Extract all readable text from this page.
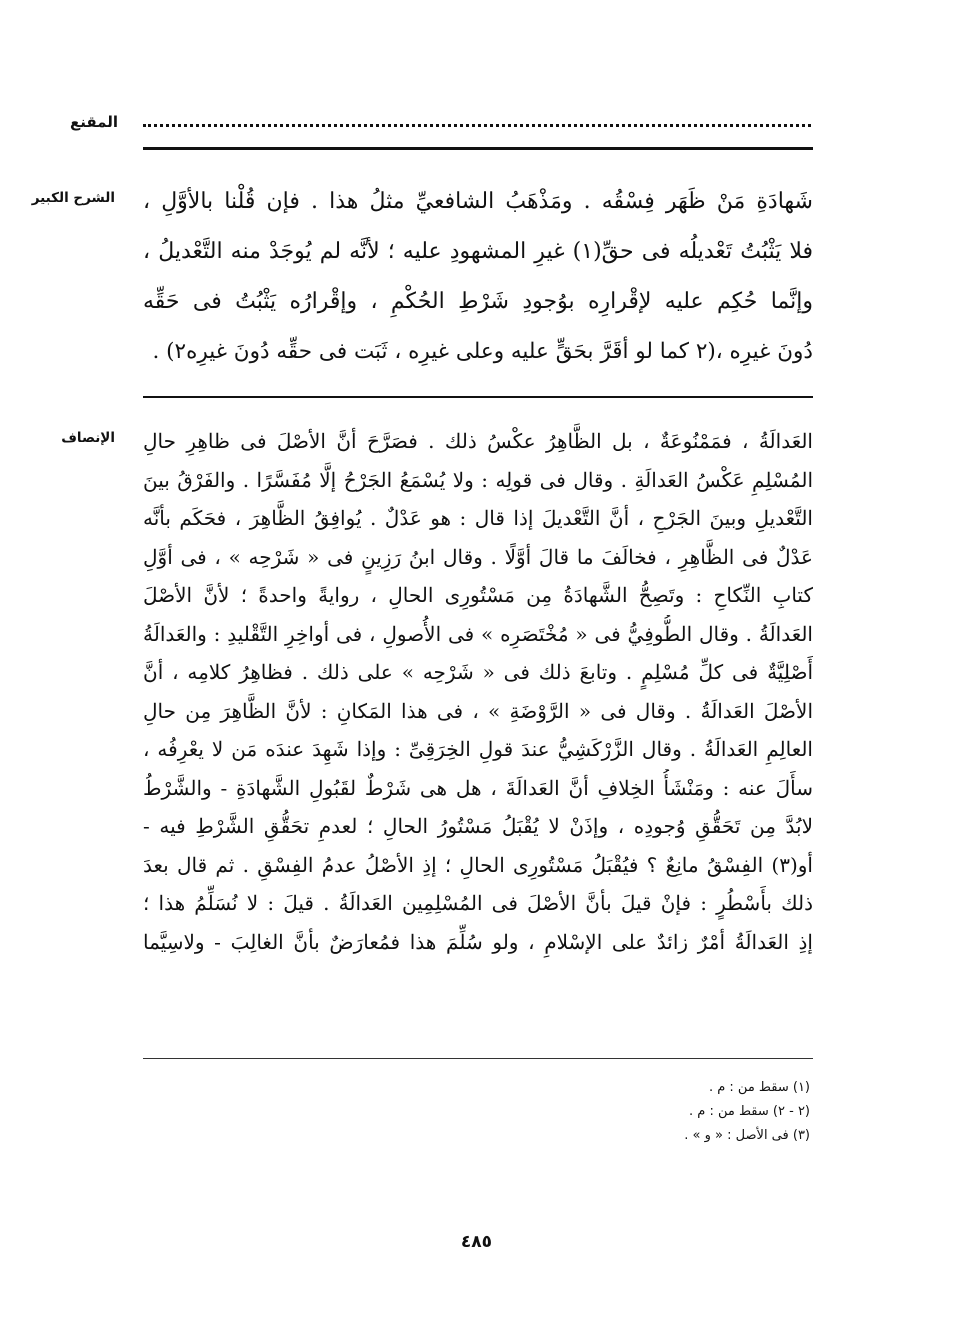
المقنع
الشرح الكبير شَهادَةِ مَنْ ظَهَر فِسْقُه . ومَذْهَبُ الشافعيِّ مثلُ هذا . فإن قُلْنا بالأوَّلِ ،
فلا يَثْبُتُ تَعْديلُه فى حقِّ(١) غيرِ المشهودِ عليه ؛ لأنَّه لم يُوجَدْ منه التَّعْديلُ ،
وإنَّما حُكِم عليه لإقْرارِه بوُجودِ شَرْطِ الحُكْمِ ، وإقْرارُه يَثْبُتُ فى حَقِّه
دُونَ غيرِه ،(٢ كما لو أقَرَّ بحَقٍّ عليه وعلى غيرِه ، ثَبَت فى حقِّه دُونَ غيرِه٢) .
الإنصاف العَدالَةُ ، فمَمْنُوعَةٌ ، بل الظَّاهِرُ عكْسُ ذلك . فصَرَّحَ أنَّ الأصْلَ فى ظاهِرِ حالِ
المُسْلِمِ عَكْسُ العَدالَةِ . وقال فى قولِه : ولا يُسْمَعُ الجَرْحُ إلَّا مُفَسَّرًا . والفَرْقُ بينَ
التَّعْديلِ وبينَ الجَرْحِ ، أنَّ التَّعْديلَ إذا قال : هو عَدْلٌ . يُوافِقُ الظَّاهِرَ ، فحَكَم بأنَّه
عَدْلٌ فى الظَّاهِرِ ، فخالَفَ ما قالَ أوَّلًا . وقال ابنُ رَزِينٍ فى « شَرْحِه » ، فى أوَّلِ
كتابِ النِّكاحِ : وتَصِحُّ الشَّهادَةُ مِن مَسْتُورِى الحالِ ، روايةً واحدةً ؛ لأنَّ الأصْلَ
العَدالَةُ . وقال الطُّوفِيُّ فى « مُخْتَصَرِه » فى الأُصولِ ، فى أواخِرِ التَّقْليدِ : والعَدالَةُ
أَصْلِيَّةٌ فى كلِّ مُسْلِمٍ . وتابعَ ذلك فى « شَرْحِه » على ذلك . فظاهِرُ كلامِه ، أنَّ
الأصْلَ العَدالَةُ . وقال فى « الرَّوْضَةِ » ، فى هذا المَكانِ : لأنَّ الظَّاهِرَ مِن حالِ
العالِمِ العَدالَةُ . وقال الزَّرْكَشِيُّ عندَ قولِ الخِرَقِىِّ : وإذا شَهِدَ عندَه مَن لا يعْرِفُه ،
سأَلَ عنه : ومَنْشَأُ الخِلافِ أنَّ العَدالَةَ ، هل هى شَرْطٌ لقَبُولِ الشَّهادَةِ - والشَّرْطُ
لابُدَّ مِن تَحَقُّقِ وُجودِه ، وإذَنْ لا يُقْبَلُ مَسْتُورُ الحالِ ؛ لعدمِ تحَقُّقِ الشَّرْطِ فيه -
أو(٣) الفِسْقُ مانِعٌ ؟ فيُقْبَلُ مَسْتُورِى الحالِ ؛ إذِ الأصْلُ عدمُ الفِسْقِ . ثم قال بعدَ
ذلك بأَسْطُرٍ : فإنْ قيلَ بأنَّ الأصْلَ فى المُسْلِمِين العَدالَةُ . قيلَ : لا نُسَلِّمُ هذا ؛
إذِ العَدالَةُ أمْرٌ زائدٌ على الإسْلامِ ، ولو سُلِّمَ هذا فمُعارَضٌ بأنَّ الغالِبَ - ولاسِيَّما
(١) سقط من : م .
(٢ - ٢) سقط من : م .
(٣) فى الأصل : « و » .
٤٨٥
